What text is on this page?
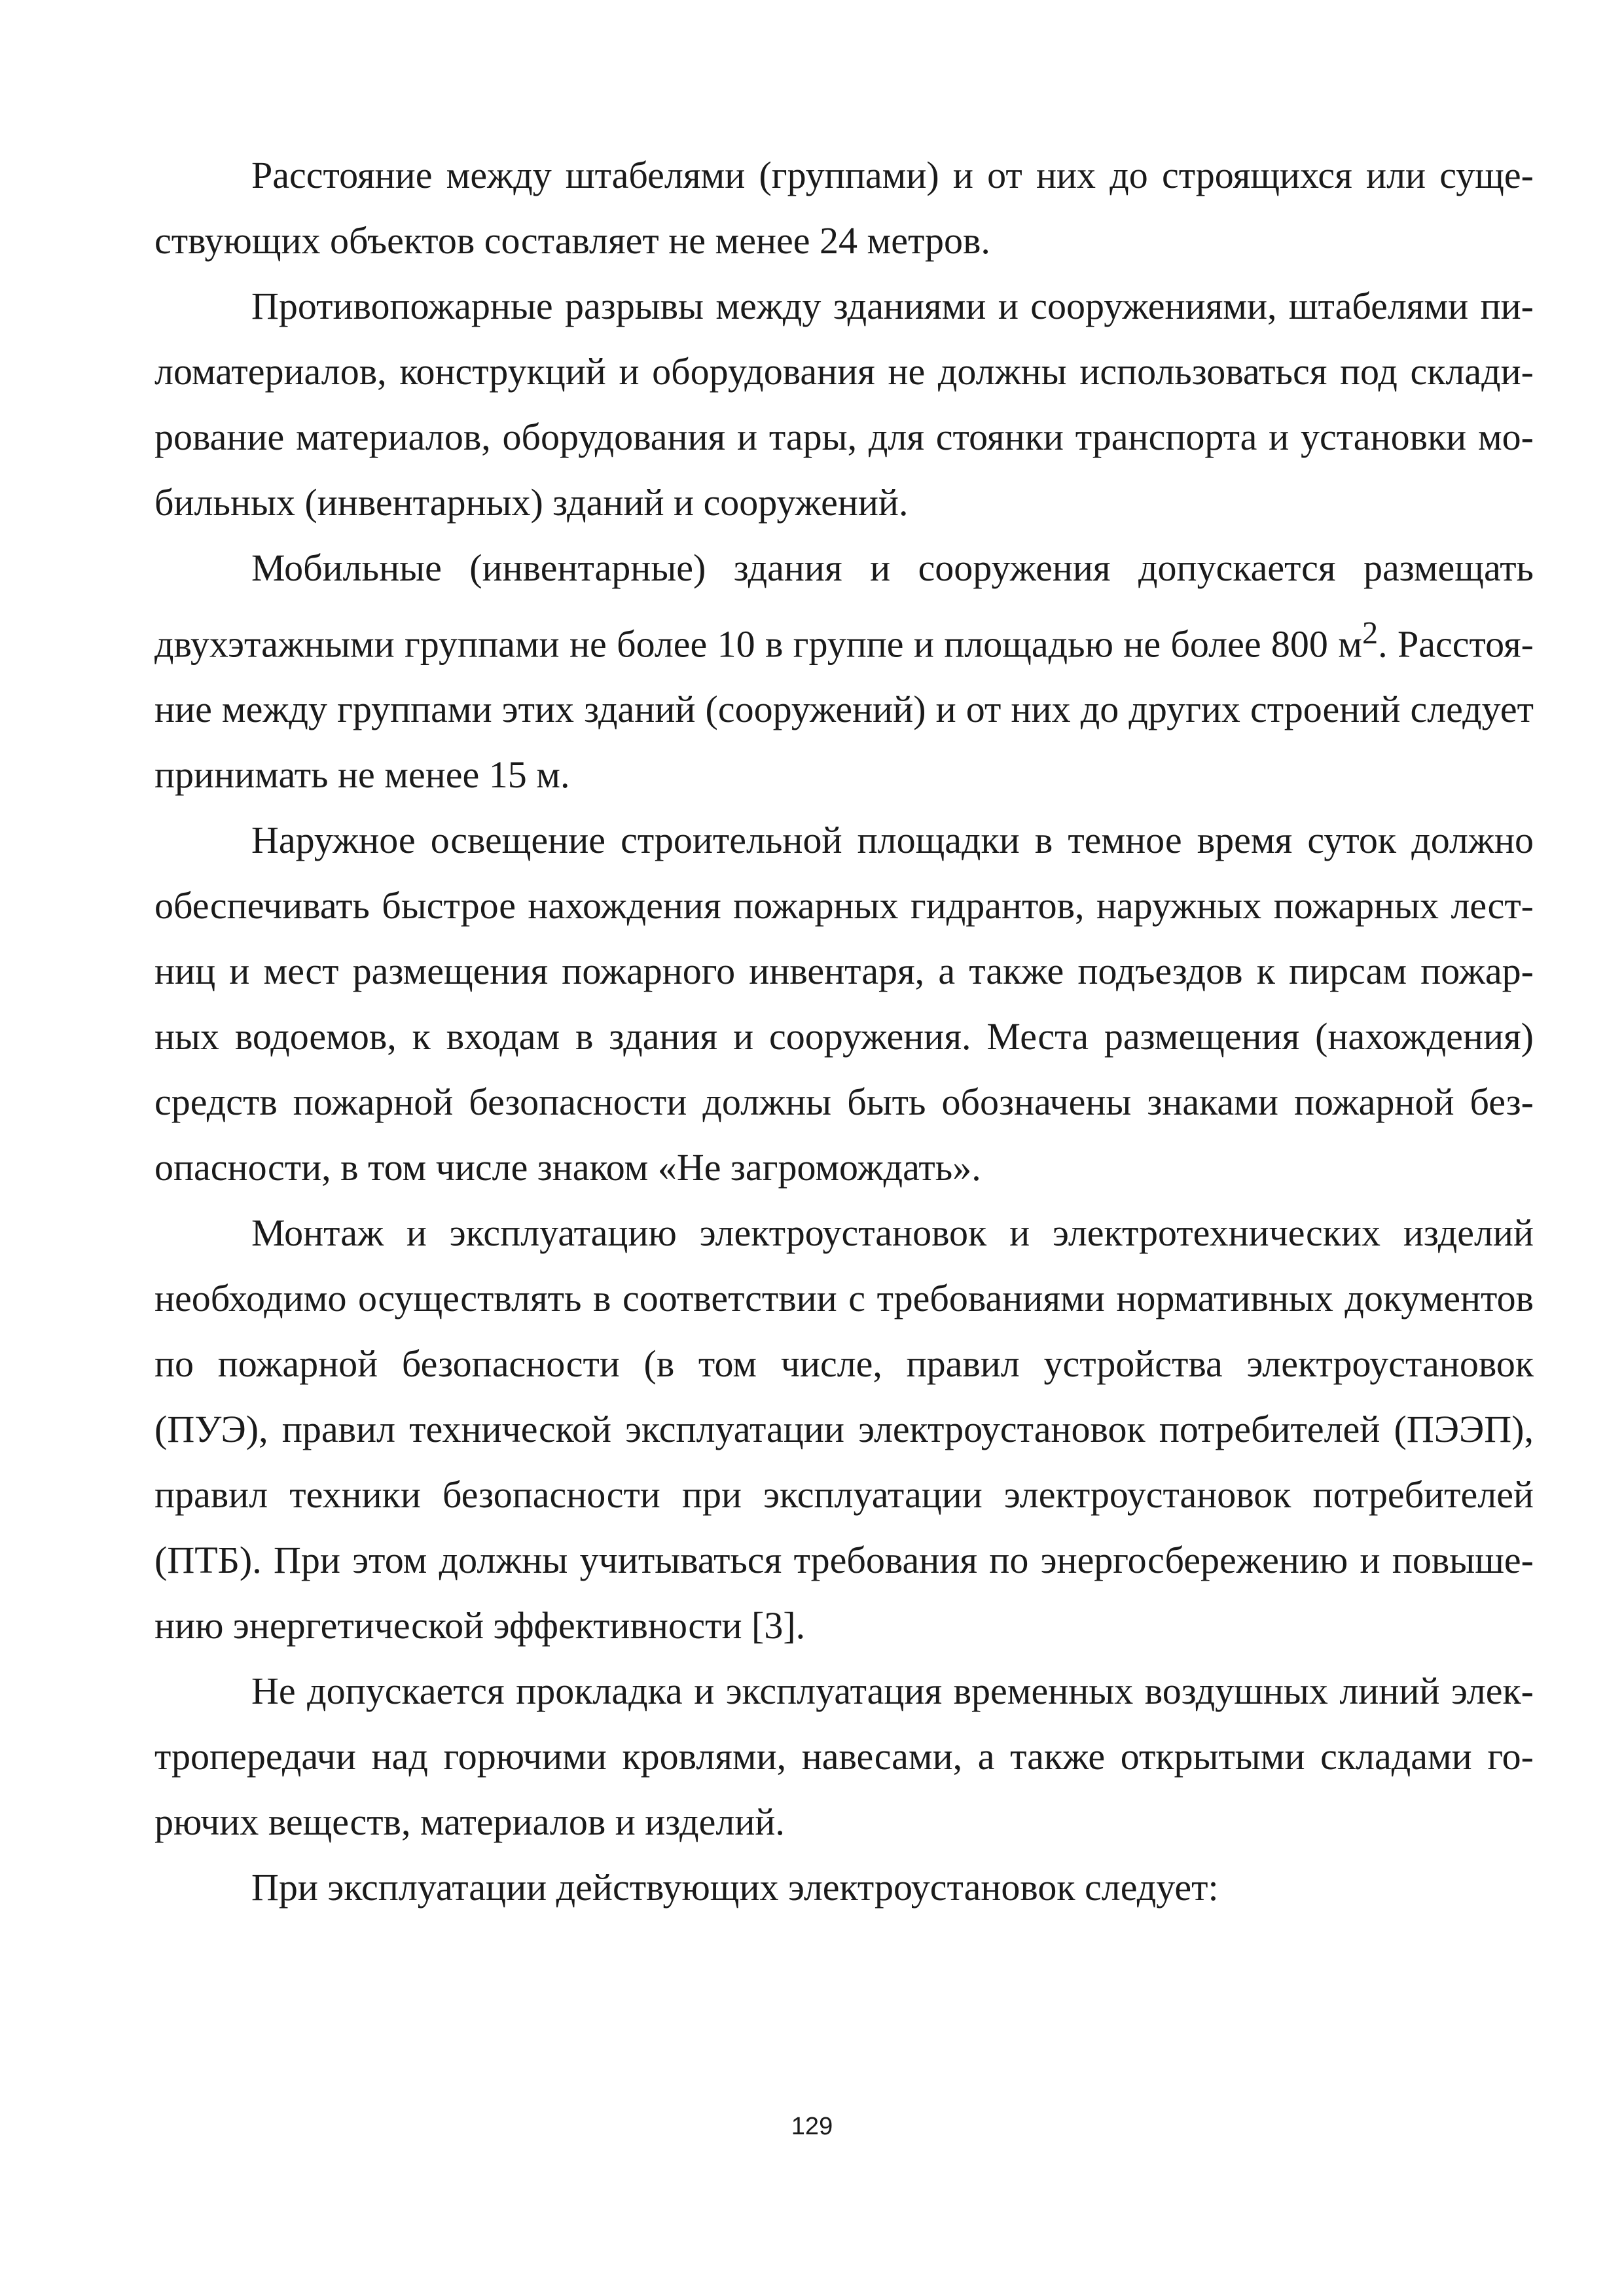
Расстояние между штабелями (группами) и от них до строящихся или существующих объектов составляет не менее 24 метров.

Противопожарные разрывы между зданиями и сооружениями, штабелями пиломатериалов, конструкций и оборудования не должны использоваться под складирование материалов, оборудования и тары, для стоянки транспорта и установки мобильных (инвентарных) зданий и сооружений.

Мобильные (инвентарные) здания и сооружения допускается размещать двухэтажными группами не более 10 в группе и площадью не более 800 $м^2$. Расстояние между группами этих зданий (сооружений) и от них до других строений следует принимать не менее 15 м.

Наружное освещение строительной площадки в темное время суток должно обеспечивать быстрое нахождения пожарных гидрантов, наружных пожарных лестниц и мест размещения пожарного инвентаря, а также подъездов к пирсам пожарных водоемов, к входам в здания и сооружения. Места размещения (нахождения) средств пожарной безопасности должны быть обозначены знаками пожарной безопасности, в том числе знаком «Не загромождать».

Монтаж и эксплуатацию электроустановок и электротехнических изделий необходимо осуществлять в соответствии с требованиями нормативных документов по пожарной безопасности (в том числе, правил устройства электроустановок (ПУЭ), правил технической эксплуатации электроустановок потребителей (ПЭЭП), правил техники безопасности при эксплуатации электроустановок потребителей (ПТБ). При этом должны учитываться требования по энергосбережению и повышению энергетической эффективности [3].

Не допускается прокладка и эксплуатация временных воздушных линий электропередачи над горючими кровлями, навесами, а также открытыми складами горючих веществ, материалов и изделий.

При эксплуатации действующих электроустановок следует:

129
